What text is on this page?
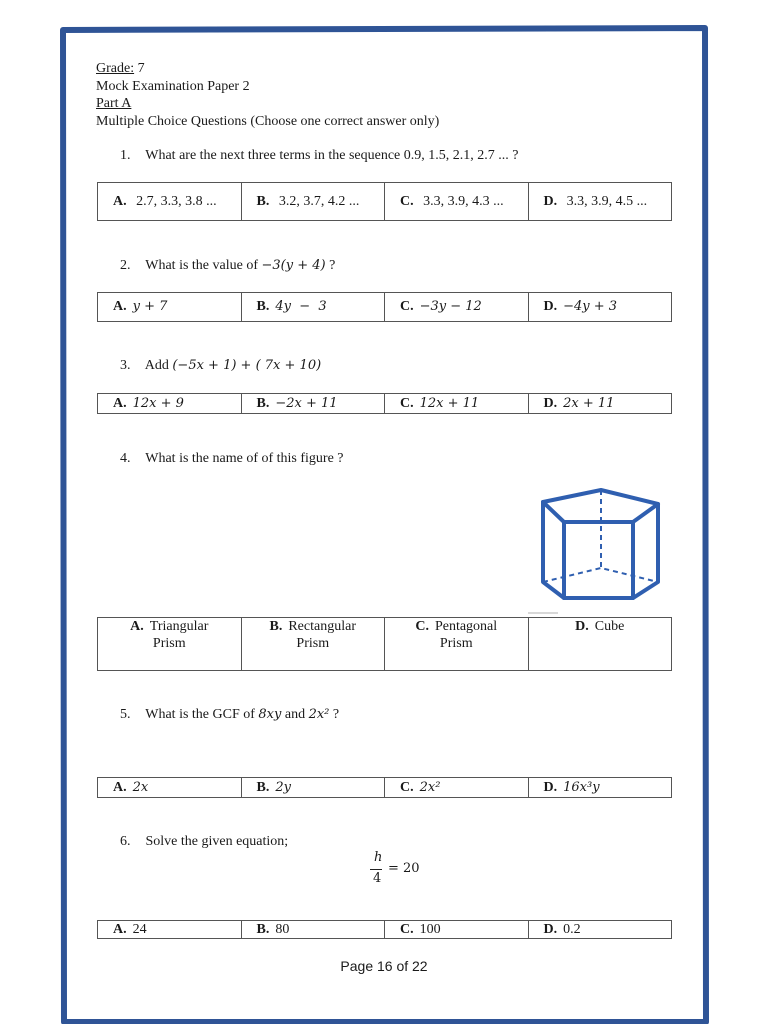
Grade: 7
Mock Examination Paper 2
Part A
Multiple Choice Questions (Choose one correct answer only)
1. What are the next three terms in the sequence 0.9, 1.5, 2.1, 2.7 ... ?
A. 2.7, 3.3, 3.8 ...	B. 3.2, 3.7, 4.2 ...	C. 3.3, 3.9, 4.3 ...	D. 3.3, 3.9, 4.5 ...
2. What is the value of −3(y + 4) ?
A. y + 7	B. 4y  −  3	C. −3y − 12	D. −4y + 3
3. Add (−5x + 1) + ( 7x + 10)
A. 12x + 9	B. −2x + 11	C. 12x + 11	D. 2x + 11
4. What is the name of of this figure ?
A. Triangular
Prism

B. Rectangular
Prism

C. Pentagonal
Prism

D. Cube
5. What is the GCF of 8xy and 2x² ?
A. 2x	B. 2y	C. 2x²	D. 16x³y
6. Solve the given equation;
h
4
= 20
A. 24	B. 80	C. 100	D. 0.2
Page 16 of 22
